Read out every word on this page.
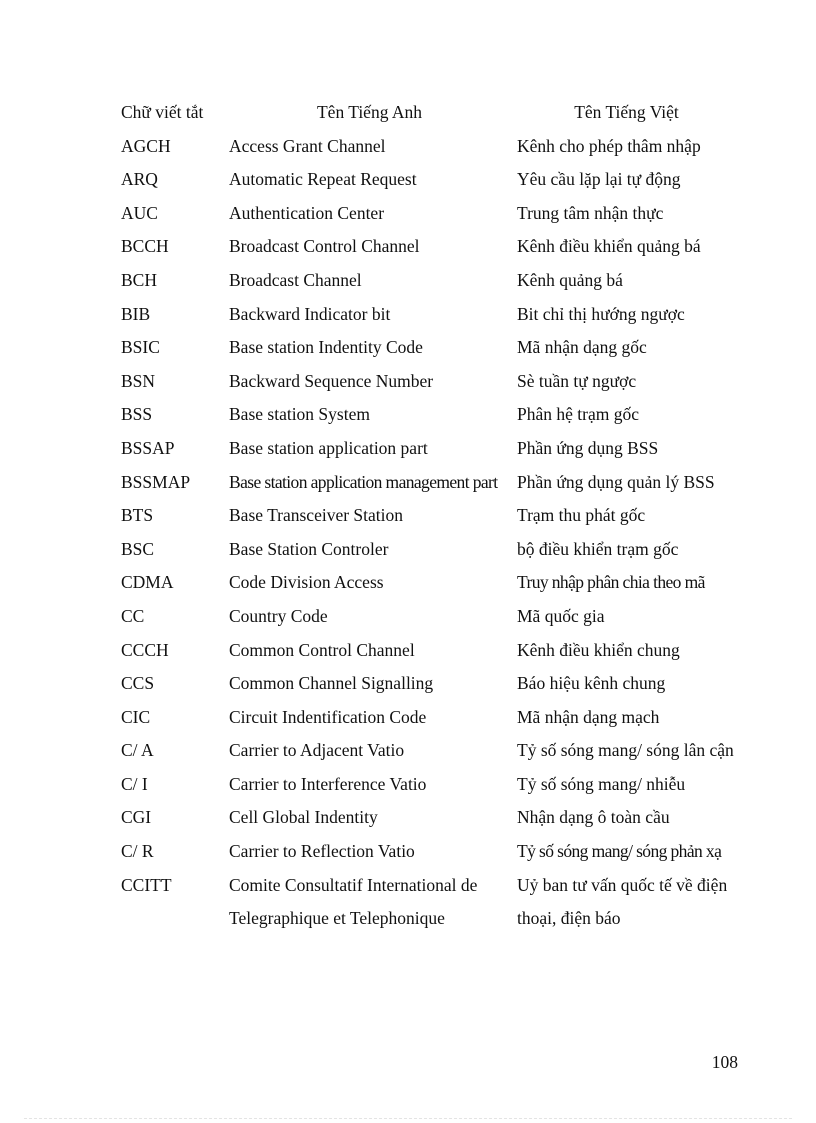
Chữ viết tắt	Tên Tiếng Anh	Tên Tiếng Việt
AGCH	Access Grant Channel	Kênh cho phép thâm nhập
ARQ	Automatic Repeat Request	Yêu cầu lặp lại tự động
AUC	Authentication Center	Trung tâm nhận thực
BCCH	Broadcast Control Channel	Kênh điều khiển quảng bá
BCH	Broadcast Channel	Kênh quảng bá
BIB	Backward Indicator bit	Bit chỉ thị hướng ngược
BSIC	Base station Indentity Code	Mã nhận dạng gốc
BSN	Backward Sequence Number	Sè tuần tự ngược
BSS	Base station System	Phân hệ trạm gốc
BSSAP	Base station application part	Phần ứng dụng BSS
BSSMAP	Base station application management part	Phần ứng dụng quản lý BSS
BTS	Base Transceiver Station	Trạm thu phát gốc
BSC	Base Station Controler	bộ điều khiển trạm gốc
CDMA	Code Division Access	Truy nhập phân chia theo mã
CC	Country Code	Mã quốc gia
CCCH	Common Control Channel	Kênh điều khiển chung
CCS	Common Channel Signalling	Báo hiệu kênh chung
CIC	Circuit Indentification Code	Mã nhận dạng mạch
C/ A	Carrier to Adjacent Vatio	Tỷ số sóng mang/ sóng lân cận
C/ I	Carrier to Interference Vatio	Tỷ số sóng mang/ nhiễu
CGI	Cell Global Indentity	Nhận dạng ô toàn cầu
C/ R	Carrier to Reflection Vatio	Tỷ số sóng mang/ sóng phản xạ
CCITT	Comite Consultatif International de Telegraphique et Telephonique	Uỷ ban tư vấn quốc tế về điện thoại, điện báo
108
